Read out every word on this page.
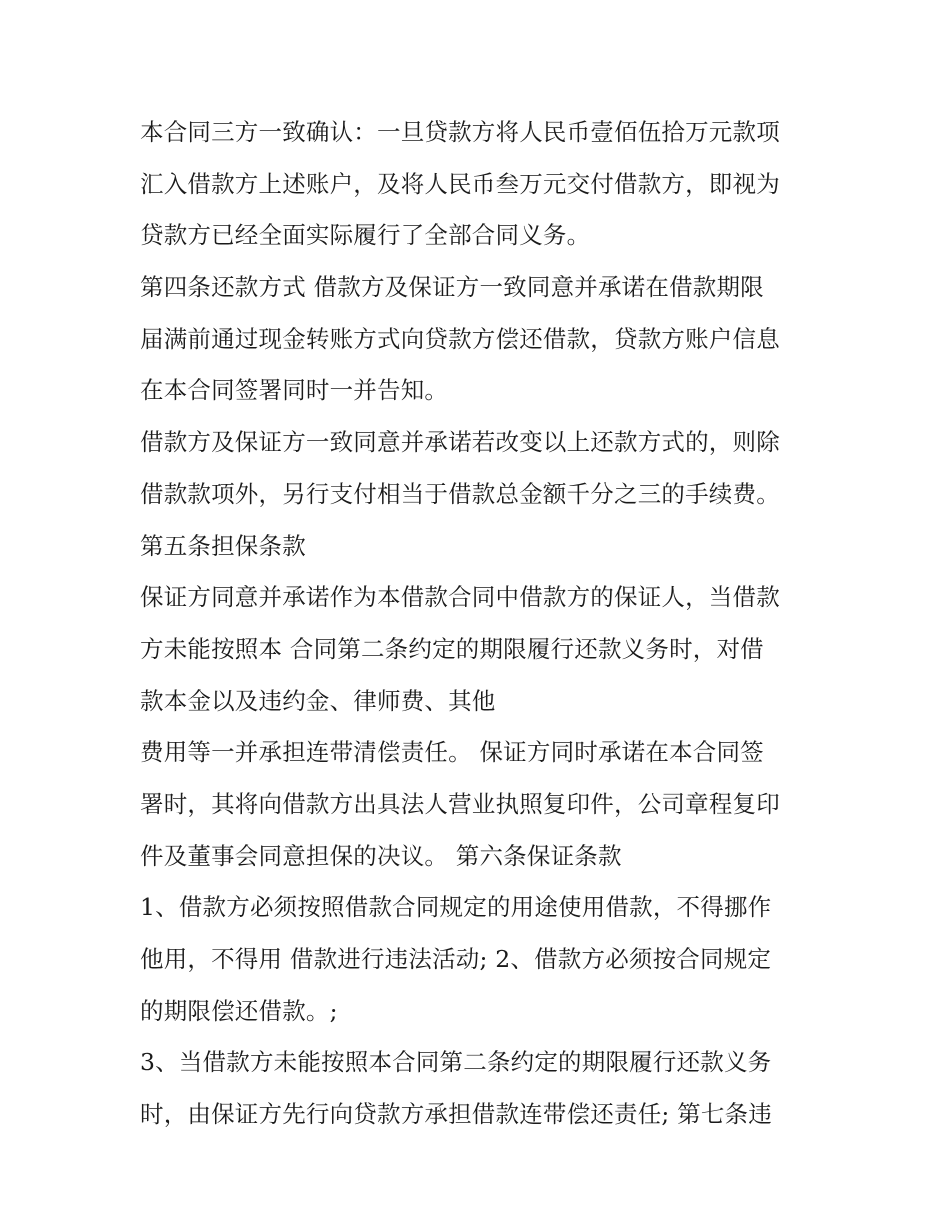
本合同三方一致确认：一旦贷款方将人民币壹佰伍拾万元款项
汇入借款方上述账户，及将人民币叁万元交付借款方，即视为
贷款方已经全面实际履行了全部合同义务。
第四条还款方式 借款方及保证方一致同意并承诺在借款期限
届满前通过现金转账方式向贷款方偿还借款，贷款方账户信息
在本合同签署同时一并告知。
借款方及保证方一致同意并承诺若改变以上还款方式的，则除
借款款项外，另行支付相当于借款总金额千分之三的手续费。
第五条担保条款
保证方同意并承诺作为本借款合同中借款方的保证人，当借款
方未能按照本 合同第二条约定的期限履行还款义务时，对借
款本金以及违约金、律师费、其他
费用等一并承担连带清偿责任。 保证方同时承诺在本合同签
署时，其将向借款方出具法人营业执照复印件，公司章程复印
件及董事会同意担保的决议。 第六条保证条款
1、借款方必须按照借款合同规定的用途使用借款，不得挪作
他用，不得用 借款进行违法活动; 2、借款方必须按合同规定
的期限偿还借款。;
3、当借款方未能按照本合同第二条约定的期限履行还款义务
时，由保证方先行向贷款方承担借款连带偿还责任; 第七条违
